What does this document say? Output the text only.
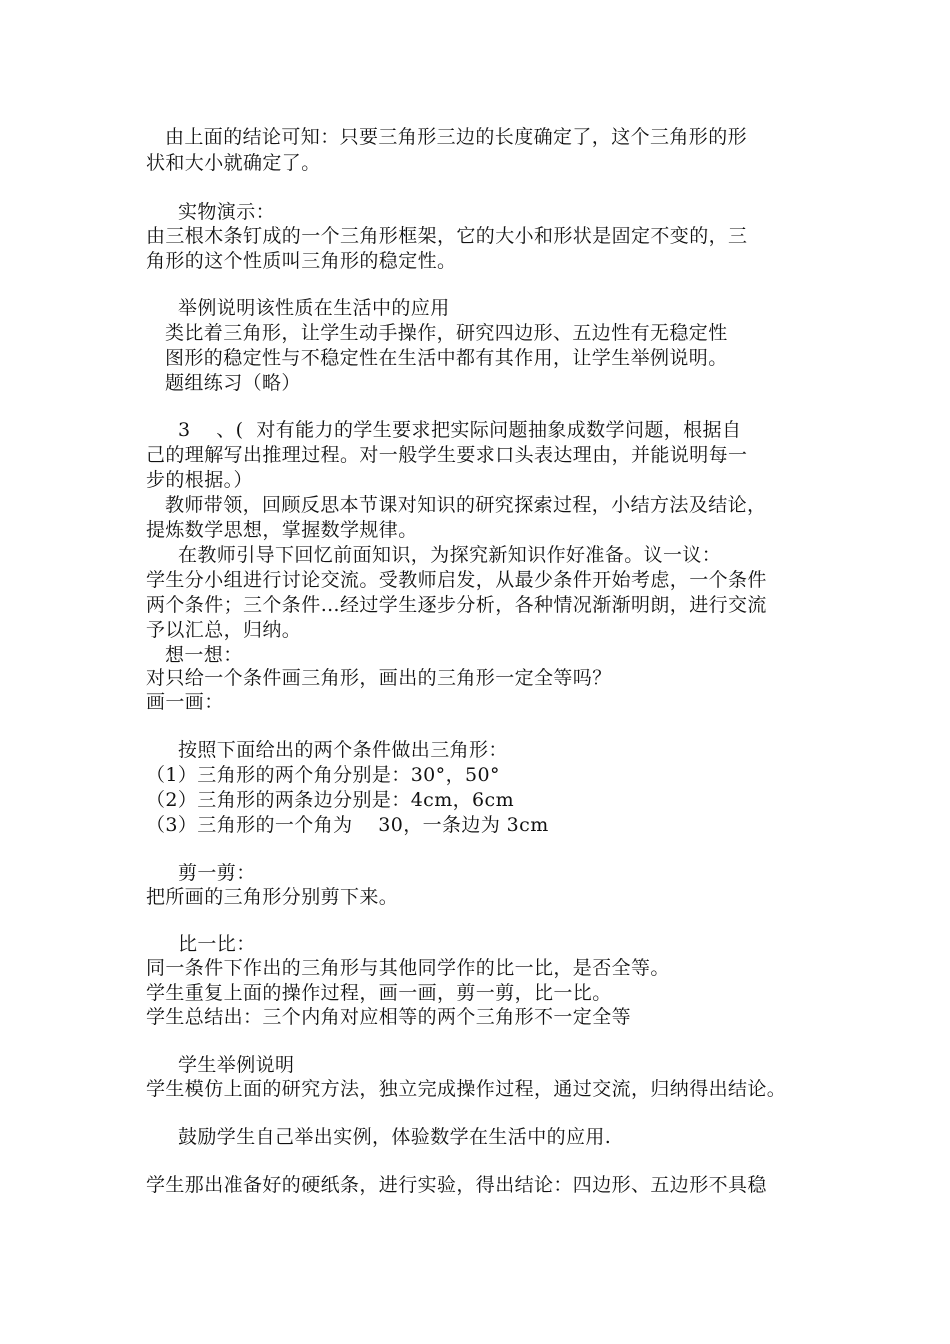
由上面的结论可知：只要三角形三边的长度确定了，这个三角形的形
状和大小就确定了。
实物演示：
由三根木条钉成的一个三角形框架，它的大小和形状是固定不变的，三
角形的这个性质叫三角形的稳定性。
举例说明该性质在生活中的应用
类比着三角形，让学生动手操作，研究四边形、五边性有无稳定性
图形的稳定性与不稳定性在生活中都有其作用，让学生举例说明。
题组练习（略）
3    、(  对有能力的学生要求把实际问题抽象成数学问题，根据自
己的理解写出推理过程。对一般学生要求口头表达理由，并能说明每一
步的根据。）
教师带领，回顾反思本节课对知识的研究探索过程，小结方法及结论，
提炼数学思想，掌握数学规律。
在教师引导下回忆前面知识，为探究新知识作好准备。议一议：
学生分小组进行讨论交流。受教师启发，从最少条件开始考虑，一个条件
两个条件；三个条件…经过学生逐步分析，各种情况渐渐明朗，进行交流
予以汇总，归纳。
想一想：
对只给一个条件画三角形，画出的三角形一定全等吗？
画一画：
按照下面给出的两个条件做出三角形：
（1）三角形的两个角分别是：30°，50°
（2）三角形的两条边分别是：4cm，6cm
（3）三角形的一个角为    30，一条边为 3cm
剪一剪：
把所画的三角形分别剪下来。
比一比：
同一条件下作出的三角形与其他同学作的比一比，是否全等。
学生重复上面的操作过程，画一画，剪一剪，比一比。
学生总结出：三个内角对应相等的两个三角形不一定全等
学生举例说明
学生模仿上面的研究方法，独立完成操作过程，通过交流，归纳得出结论。
鼓励学生自己举出实例，体验数学在生活中的应用.
学生那出准备好的硬纸条，进行实验，得出结论：四边形、五边形不具稳
